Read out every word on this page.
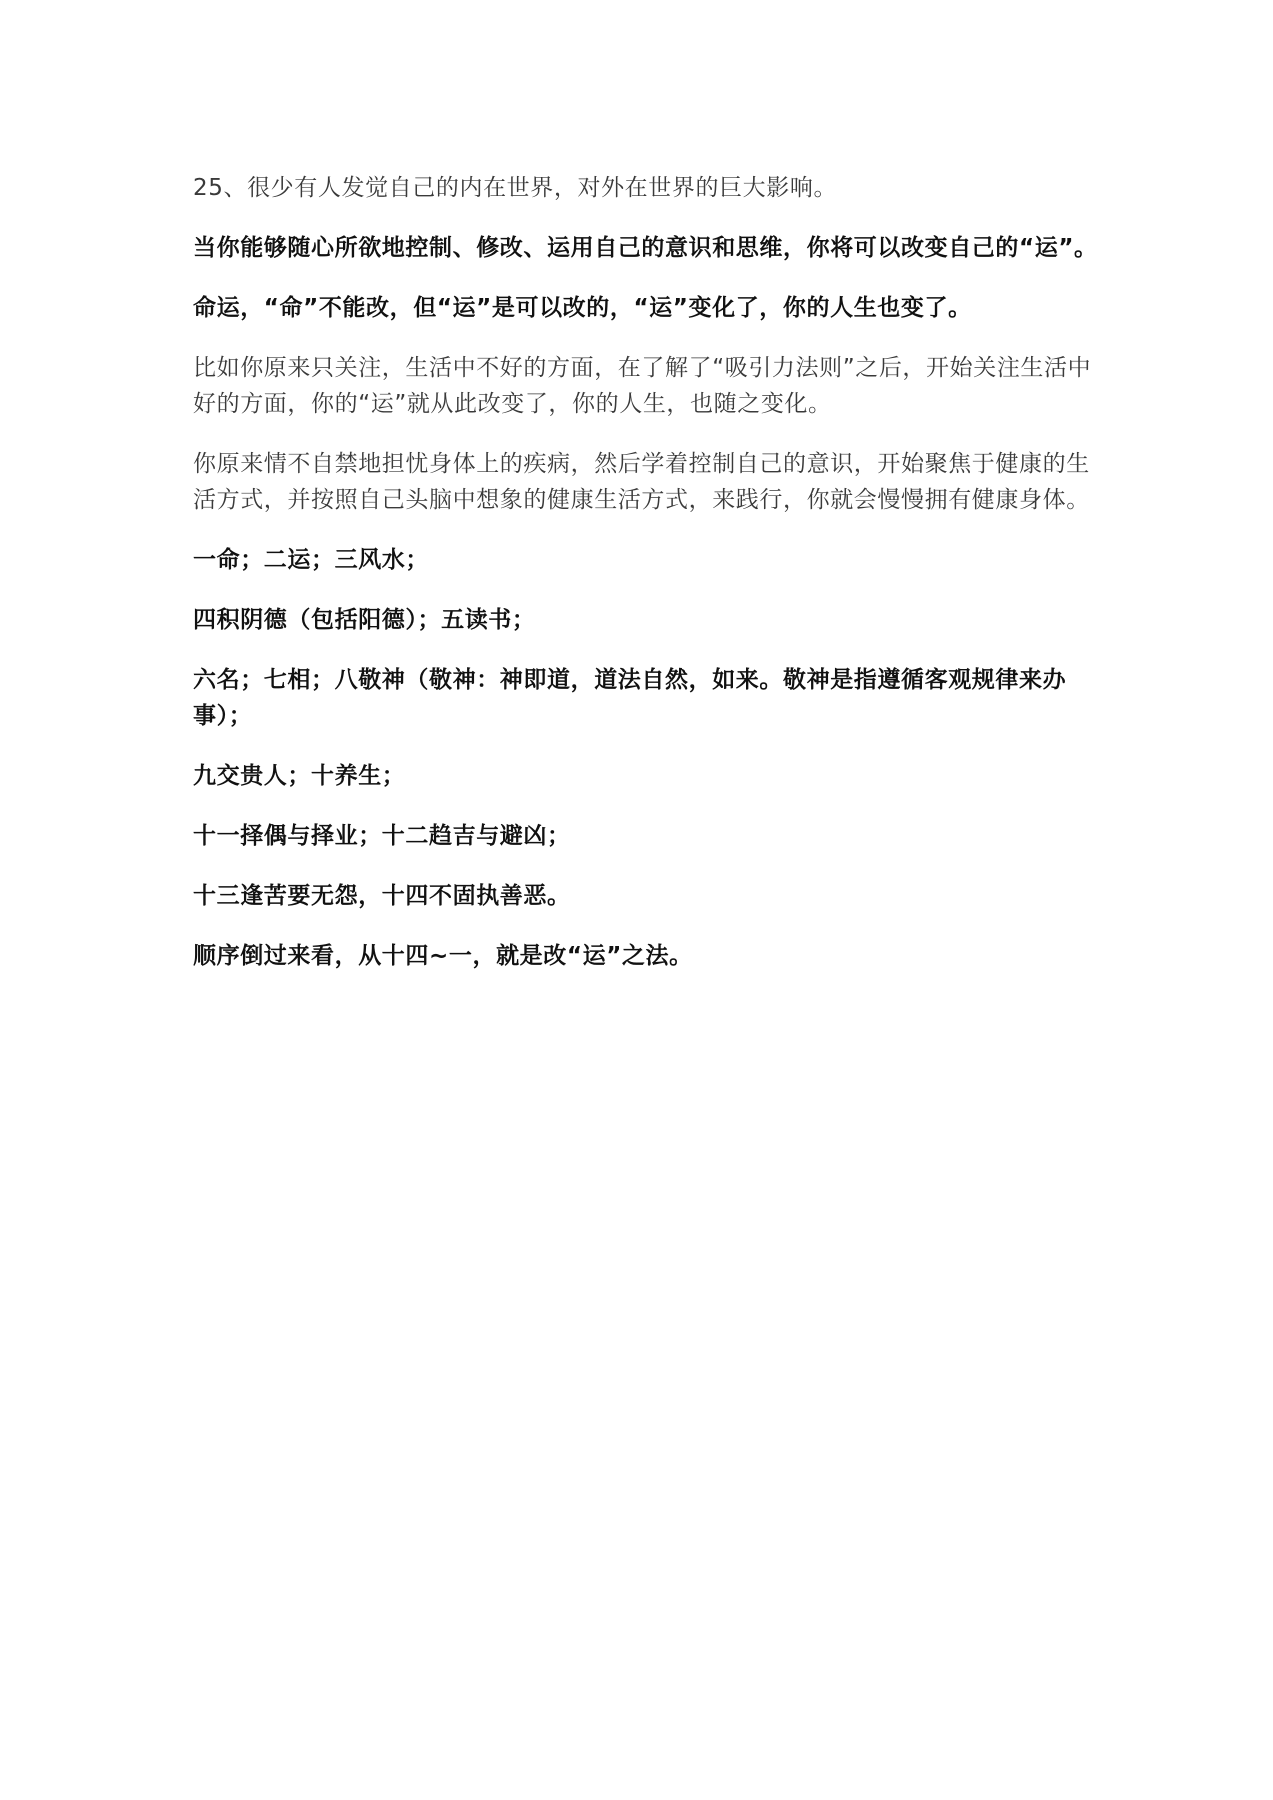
25、很少有人发觉自己的内在世界，对外在世界的巨大影响。

当你能够随心所欲地控制、修改、运用自己的意识和思维，你将可以改变自己的“运”。

命运，“命”不能改，但“运”是可以改的，“运”变化了，你的人生也变了。

比如你原来只关注，生活中不好的方面，在了解了“吸引力法则”之后，开始关注生活中好的方面，你的“运”就从此改变了，你的人生，也随之变化。

你原来情不自禁地担忧身体上的疾病，然后学着控制自己的意识，开始聚焦于健康的生活方式，并按照自己头脑中想象的健康生活方式，来践行，你就会慢慢拥有健康身体。

一命；二运；三风水；

四积阴德（包括阳德）；五读书；

六名；七相；八敬神（敬神：神即道，道法自然，如来。敬神是指遵循客观规律来办事）；

九交贵人；十养生；

十一择偶与择业；十二趋吉与避凶；

十三逢苦要无怨，十四不固执善恶。

顺序倒过来看，从十四~一，就是改“运”之法。
